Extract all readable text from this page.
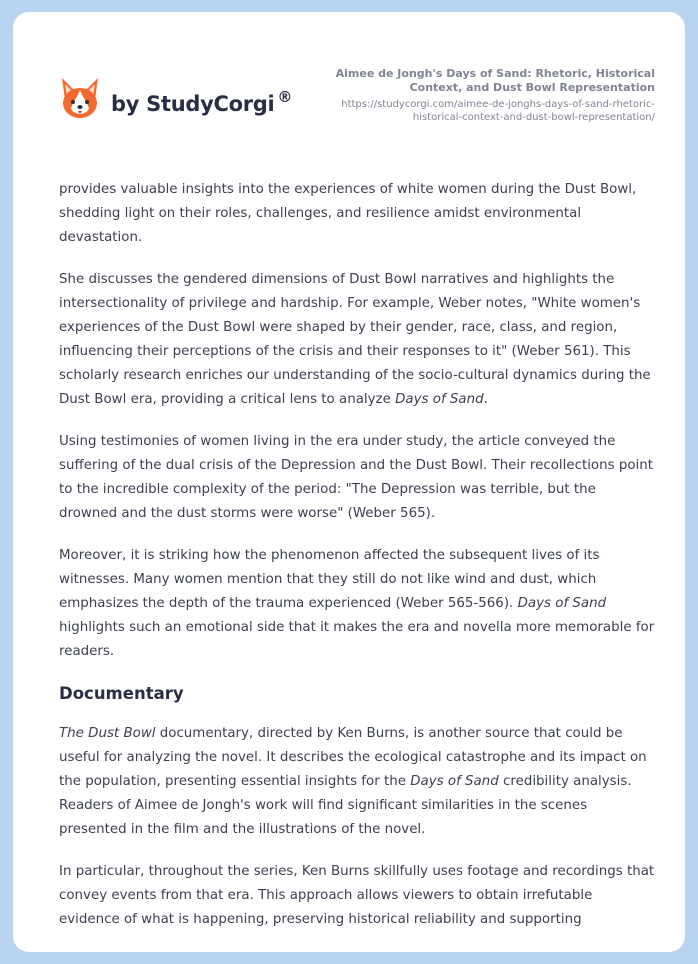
by StudyCorgi ®
Aimee de Jongh's Days of Sand: Rhetoric, Historical Context, and Dust Bowl Representation
https://studycorgi.com/aimee-de-jonghs-days-of-sand-rhetoric-historical-context-and-dust-bowl-representation/

provides valuable insights into the experiences of white women during the Dust Bowl, shedding light on their roles, challenges, and resilience amidst environmental devastation.

She discusses the gendered dimensions of Dust Bowl narratives and highlights the intersectionality of privilege and hardship. For example, Weber notes, "White women's experiences of the Dust Bowl were shaped by their gender, race, class, and region, influencing their perceptions of the crisis and their responses to it" (Weber 561). This scholarly research enriches our understanding of the socio-cultural dynamics during the Dust Bowl era, providing a critical lens to analyze Days of Sand.

Using testimonies of women living in the era under study, the article conveyed the suffering of the dual crisis of the Depression and the Dust Bowl. Their recollections point to the incredible complexity of the period: "The Depression was terrible, but the drowned and the dust storms were worse" (Weber 565).

Moreover, it is striking how the phenomenon affected the subsequent lives of its witnesses. Many women mention that they still do not like wind and dust, which emphasizes the depth of the trauma experienced (Weber 565-566). Days of Sand highlights such an emotional side that it makes the era and novella more memorable for readers.

Documentary

The Dust Bowl documentary, directed by Ken Burns, is another source that could be useful for analyzing the novel. It describes the ecological catastrophe and its impact on the population, presenting essential insights for the Days of Sand credibility analysis. Readers of Aimee de Jongh's work will find significant similarities in the scenes presented in the film and the illustrations of the novel.

In particular, throughout the series, Ken Burns skillfully uses footage and recordings that convey events from that era. This approach allows viewers to obtain irrefutable evidence of what is happening, preserving historical reliability and supporting
